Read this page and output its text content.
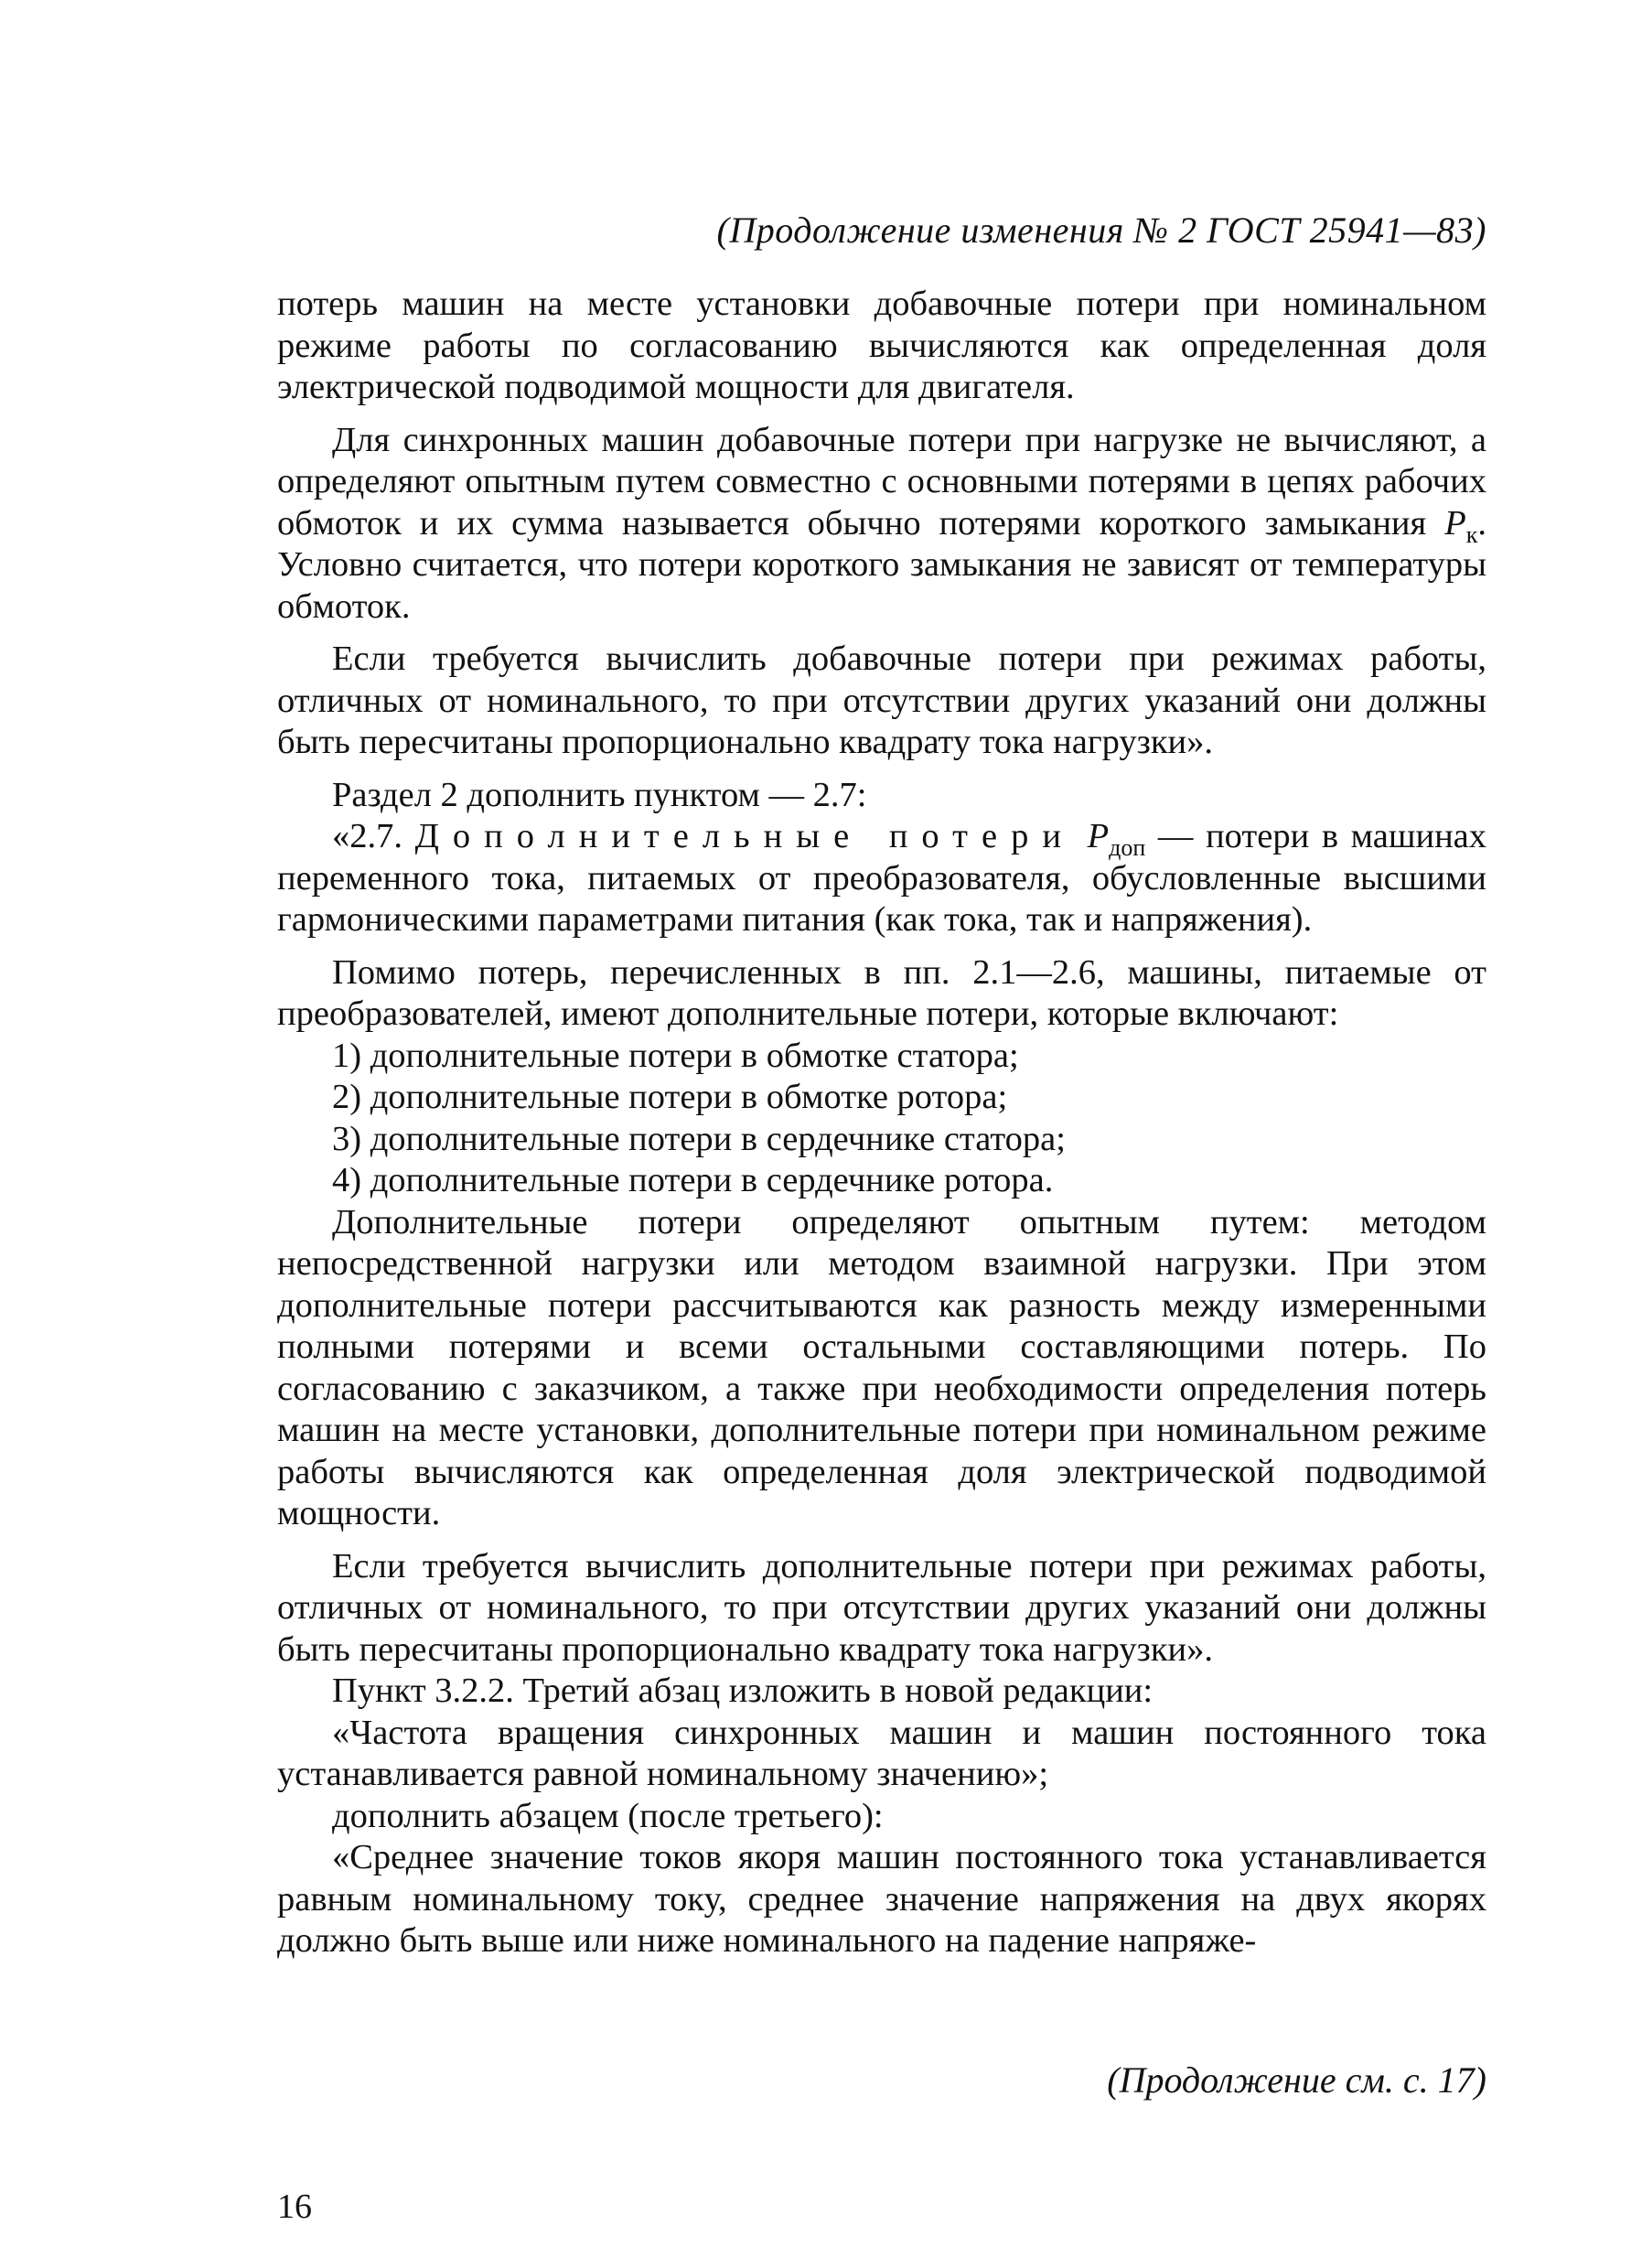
(Продолжение изменения № 2 ГОСТ 25941—83)

потерь машин на месте установки добавочные потери при номинальном режиме работы по согласованию вычисляются как определенная доля электрической подводимой мощности для двигателя.

Для синхронных машин добавочные потери при нагрузке не вычисляют, а определяют опытным путем совместно с основными потерями в цепях рабочих обмоток и их сумма называется обычно потерями короткого замыкания $P_к$. Условно считается, что потери короткого замыкания не зависят от температуры обмоток.

Если требуется вычислить добавочные потери при режимах работы, отличных от номинального, то при отсутствии других указаний они должны быть пересчитаны пропорционально квадрату тока нагрузки».

Раздел 2 дополнить пунктом — 2.7:

«2.7. Дополнительные потери $P_{доп}$ — потери в машинах переменного тока, питаемых от преобразователя, обусловленные высшими гармоническими параметрами питания (как тока, так и напряжения).

Помимо потерь, перечисленных в пп. 2.1—2.6, машины, питаемые от преобразователей, имеют дополнительные потери, которые включают:

1) дополнительные потери в обмотке статора;

2) дополнительные потери в обмотке ротора;

3) дополнительные потери в сердечнике статора;

4) дополнительные потери в сердечнике ротора.

Дополнительные потери определяют опытным путем: методом непосредственной нагрузки или методом взаимной нагрузки. При этом дополнительные потери рассчитываются как разность между измеренными полными потерями и всеми остальными составляющими потерь. По согласованию с заказчиком, а также при необходимости определения потерь машин на месте установки, дополнительные потери при номинальном режиме работы вычисляются как определенная доля электрической подводимой мощности.

Если требуется вычислить дополнительные потери при режимах работы, отличных от номинального, то при отсутствии других указаний они должны быть пересчитаны пропорционально квадрату тока нагрузки».

Пункт 3.2.2. Третий абзац изложить в новой редакции:

«Частота вращения синхронных машин и машин постоянного тока устанавливается равной номинальному значению»;

дополнить абзацем (после третьего):

«Среднее значение токов якоря машин постоянного тока устанавливается равным номинальному току, среднее значение напряжения на двух якорях должно быть выше или ниже номинального на падение напряже-

(Продолжение см. с. 17)
16
